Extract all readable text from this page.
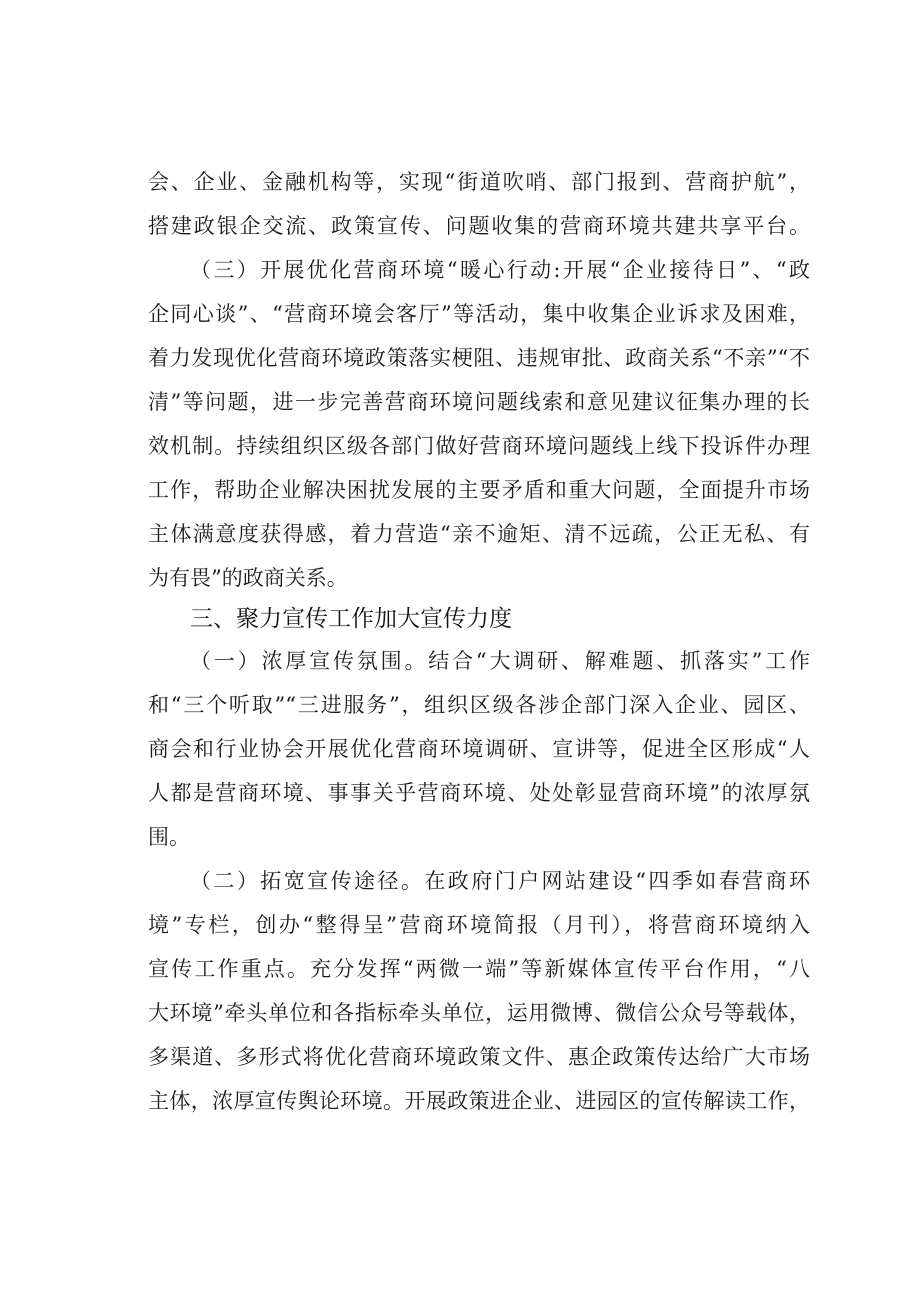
会、企业、金融机构等，实现“街道吹哨、部门报到、营商护航”，
搭建政银企交流、政策宣传、问题收集的营商环境共建共享平台。
（三）开展优化营商环境“暖心行动:开展“企业接待日”、“政
企同心谈”、“营商环境会客厅”等活动，集中收集企业诉求及困难，
着力发现优化营商环境政策落实梗阻、违规审批、政商关系“不亲”“不
清”等问题，进一步完善营商环境问题线索和意见建议征集办理的长
效机制。持续组织区级各部门做好营商环境问题线上线下投诉件办理
工作，帮助企业解决困扰发展的主要矛盾和重大问题，全面提升市场
主体满意度获得感，着力营造“亲不逾矩、清不远疏，公正无私、有
为有畏”的政商关系。
三、聚力宣传工作加大宣传力度
（一）浓厚宣传氛围。结合“大调研、解难题、抓落实”工作
和“三个听取”“三进服务”，组织区级各涉企部门深入企业、园区、
商会和行业协会开展优化营商环境调研、宣讲等，促进全区形成“人
人都是营商环境、事事关乎营商环境、处处彰显营商环境”的浓厚氛
围。
（二）拓宽宣传途径。在政府门户网站建设“四季如春营商环
境”专栏，创办“整得呈”营商环境简报（月刊），将营商环境纳入
宣传工作重点。充分发挥“两微一端”等新媒体宣传平台作用，“八
大环境”牵头单位和各指标牵头单位，运用微博、微信公众号等载体，
多渠道、多形式将优化营商环境政策文件、惠企政策传达给广大市场
主体，浓厚宣传舆论环境。开展政策进企业、进园区的宣传解读工作，
